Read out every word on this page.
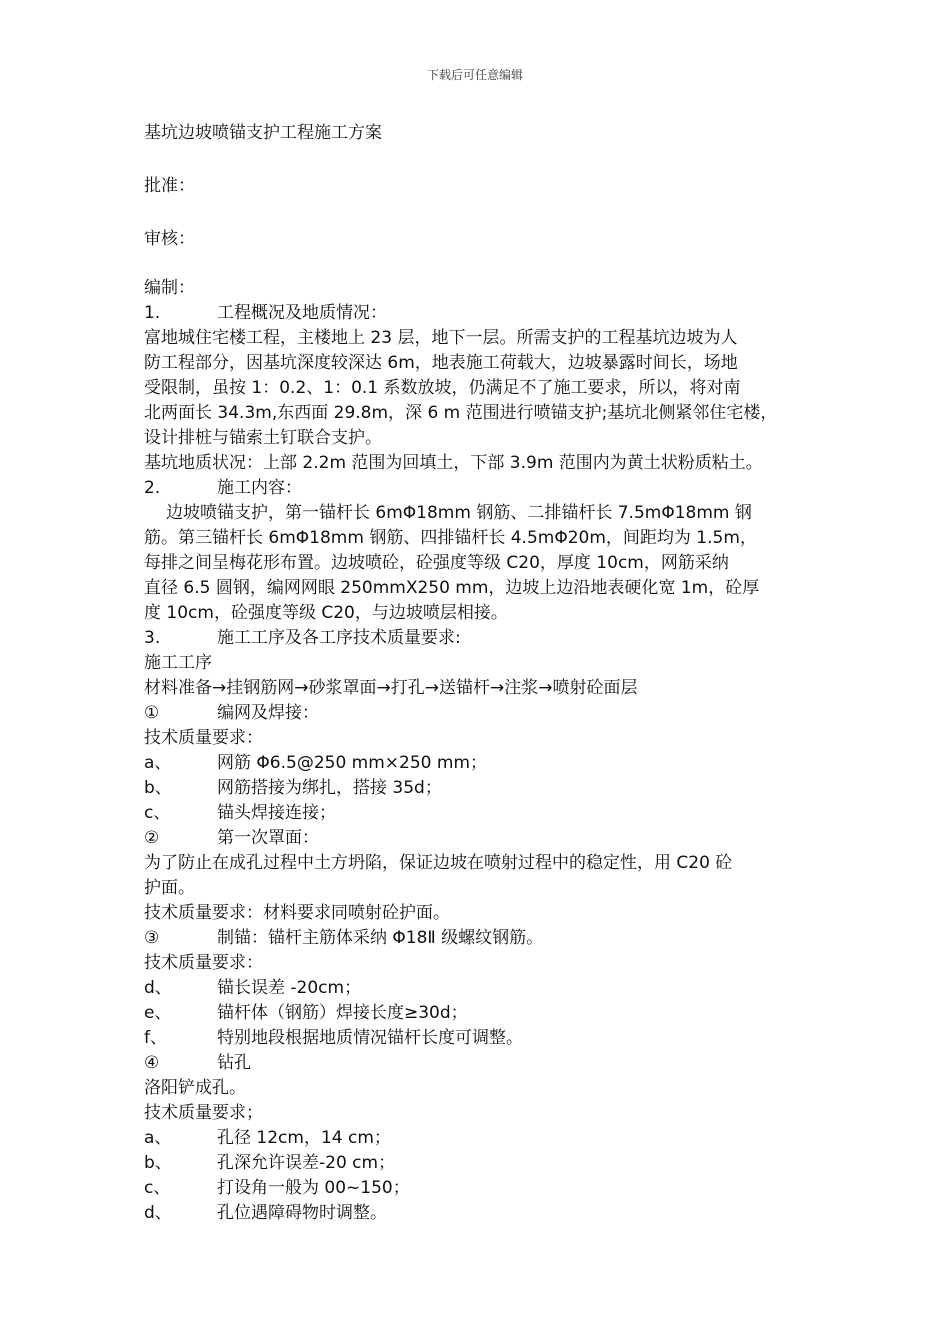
下载后可任意编辑
基坑边坡喷锚支护工程施工方案
批准：
审核：
编制：
1.	工程概况及地质情况：
富地城住宅楼工程，主楼地上 23 层，地下一层。所需支护的工程基坑边坡为人
防工程部分，因基坑深度较深达 6m，地表施工荷载大，边坡暴露时间长，场地
受限制，虽按 1：0.2、1：0.1 系数放坡，仍满足不了施工要求，所以，将对南
北两面长 34.3m,东西面 29.8m，深 6 m 范围进行喷锚支护;基坑北侧紧邻住宅楼，
设计排桩与锚索土钉联合支护。
基坑地质状况：上部 2.2m 范围为回填土，下部 3.9m 范围内为黄土状粉质粘土。
2.	施工内容：
边坡喷锚支护，第一锚杆长 6mΦ18mm 钢筋、二排锚杆长 7.5mΦ18mm 钢
筋。第三锚杆长 6mΦ18mm 钢筋、四排锚杆长 4.5mΦ20m，间距均为 1.5m，
每排之间呈梅花形布置。边坡喷砼，砼强度等级 C20，厚度 10cm，网筋采纳
直径 6.5 圆钢，编网网眼 250mmⅩ250 mm，边坡上边沿地表硬化宽 1m，砼厚
度 10cm，砼强度等级 C20，与边坡喷层相接。
3.	施工工序及各工序技术质量要求:
施工工序
材料准备→挂钢筋网→砂浆罩面→打孔→送锚杆→注浆→喷射砼面层
①	编网及焊接：
技术质量要求：
a、	网筋 Φ6.5@250 mm×250 mm；
b、	网筋搭接为绑扎，搭接 35d；
c、	锚头焊接连接；
②	第一次罩面：
为了防止在成孔过程中土方坍陷，保证边坡在喷射过程中的稳定性，用 C20 砼
护面。
技术质量要求：材料要求同喷射砼护面。
③	制锚：锚杆主筋体采纳 Φ18Ⅱ 级螺纹钢筋。
技术质量要求：
d、	锚长误差 -20cm；
e、	锚杆体（钢筋）焊接长度≥30d；
f、	特别地段根据地质情况锚杆长度可调整。
④	钻孔
洛阳铲成孔。
技术质量要求；
a、	孔径 12cm，14 cm；
b、	孔深允许误差-20 cm；
c、	打设角一般为 00~150；
d、	孔位遇障碍物时调整。
